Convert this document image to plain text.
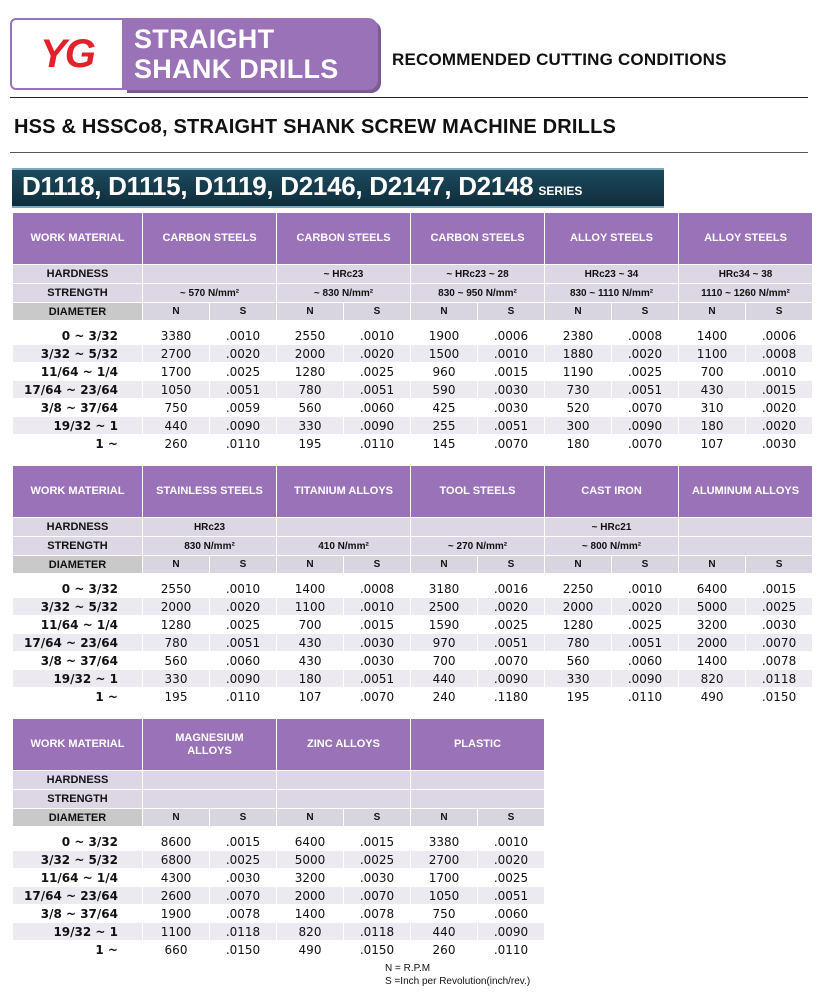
YG STRAIGHT
SHANK DRILLS	RECOMMENDED CUTTING CONDITIONS
HSS & HSSCo8, STRAIGHT SHANK SCREW MACHINE DRILLS
D1118, D1115, D1119, D2146, D2147, D2148 SERIES
WORK MATERIAL	CARBON STEELS		CARBON STEELS		CARBON STEELS		ALLOY STEELS		ALLOY STEELS	
HARDNESS			~ HRc23		~ HRc23 ~ 28		HRc23 ~ 34		HRc34 ~ 38	
STRENGTH	~ 570 N/mm²		~ 830 N/mm²		830 ~ 950 N/mm²		830 ~ 1110 N/mm²		1110 ~ 1260 N/mm²	
DIAMETER	N	S	N	S	N	S	N	S	N	S

0 ~ 3/32	3380	.0010	2550	.0010	1900	.0006	2380	.0008	1400	.0006
3/32 ~ 5/32	2700	.0020	2000	.0020	1500	.0010	1880	.0020	1100	.0008
11/64 ~ 1/4	1700	.0025	1280	.0025	960	.0015	1190	.0025	700	.0010
17/64 ~ 23/64	1050	.0051	780	.0051	590	.0030	730	.0051	430	.0015
3/8 ~ 37/64	750	.0059	560	.0060	425	.0030	520	.0070	310	.0020
19/32 ~ 1	440	.0090	330	.0090	255	.0051	300	.0090	180	.0020
1 ~	260	.0110	195	.0110	145	.0070	180	.0070	107	.0030
WORK MATERIAL	STAINLESS STEELS		TITANIUM ALLOYS		TOOL STEELS		CAST IRON		ALUMINUM ALLOYS	
HARDNESS	HRc23						~ HRc21			
STRENGTH	830 N/mm²		410 N/mm²		~ 270 N/mm²		~ 800 N/mm²			
DIAMETER	N	S	N	S	N	S	N	S	N	S

0 ~ 3/32	2550	.0010	1400	.0008	3180	.0016	2250	.0010	6400	.0015
3/32 ~ 5/32	2000	.0020	1100	.0010	2500	.0020	2000	.0020	5000	.0025
11/64 ~ 1/4	1280	.0025	700	.0015	1590	.0025	1280	.0025	3200	.0030
17/64 ~ 23/64	780	.0051	430	.0030	970	.0051	780	.0051	2000	.0070
3/8 ~ 37/64	560	.0060	430	.0030	700	.0070	560	.0060	1400	.0078
19/32 ~ 1	330	.0090	180	.0051	440	.0090	330	.0090	820	.0118
1 ~	195	.0110	107	.0070	240	.1180	195	.0110	490	.0150
WORK MATERIAL	MAGNESIUM ALLOYS		ZINC ALLOYS		PLASTIC	
HARDNESS						
STRENGTH						
DIAMETER	N	S	N	S	N	S

0 ~ 3/32	8600	.0015	6400	.0015	3380	.0010
3/32 ~ 5/32	6800	.0025	5000	.0025	2700	.0020
11/64 ~ 1/4	4300	.0030	3200	.0030	1700	.0025
17/64 ~ 23/64	2600	.0070	2000	.0070	1050	.0051
3/8 ~ 37/64	1900	.0078	1400	.0078	750	.0060
19/32 ~ 1	1100	.0118	820	.0118	440	.0090
1 ~	660	.0150	490	.0150	260	.0110
N = R.P.M
S =Inch per Revolution(inch/rev.)
